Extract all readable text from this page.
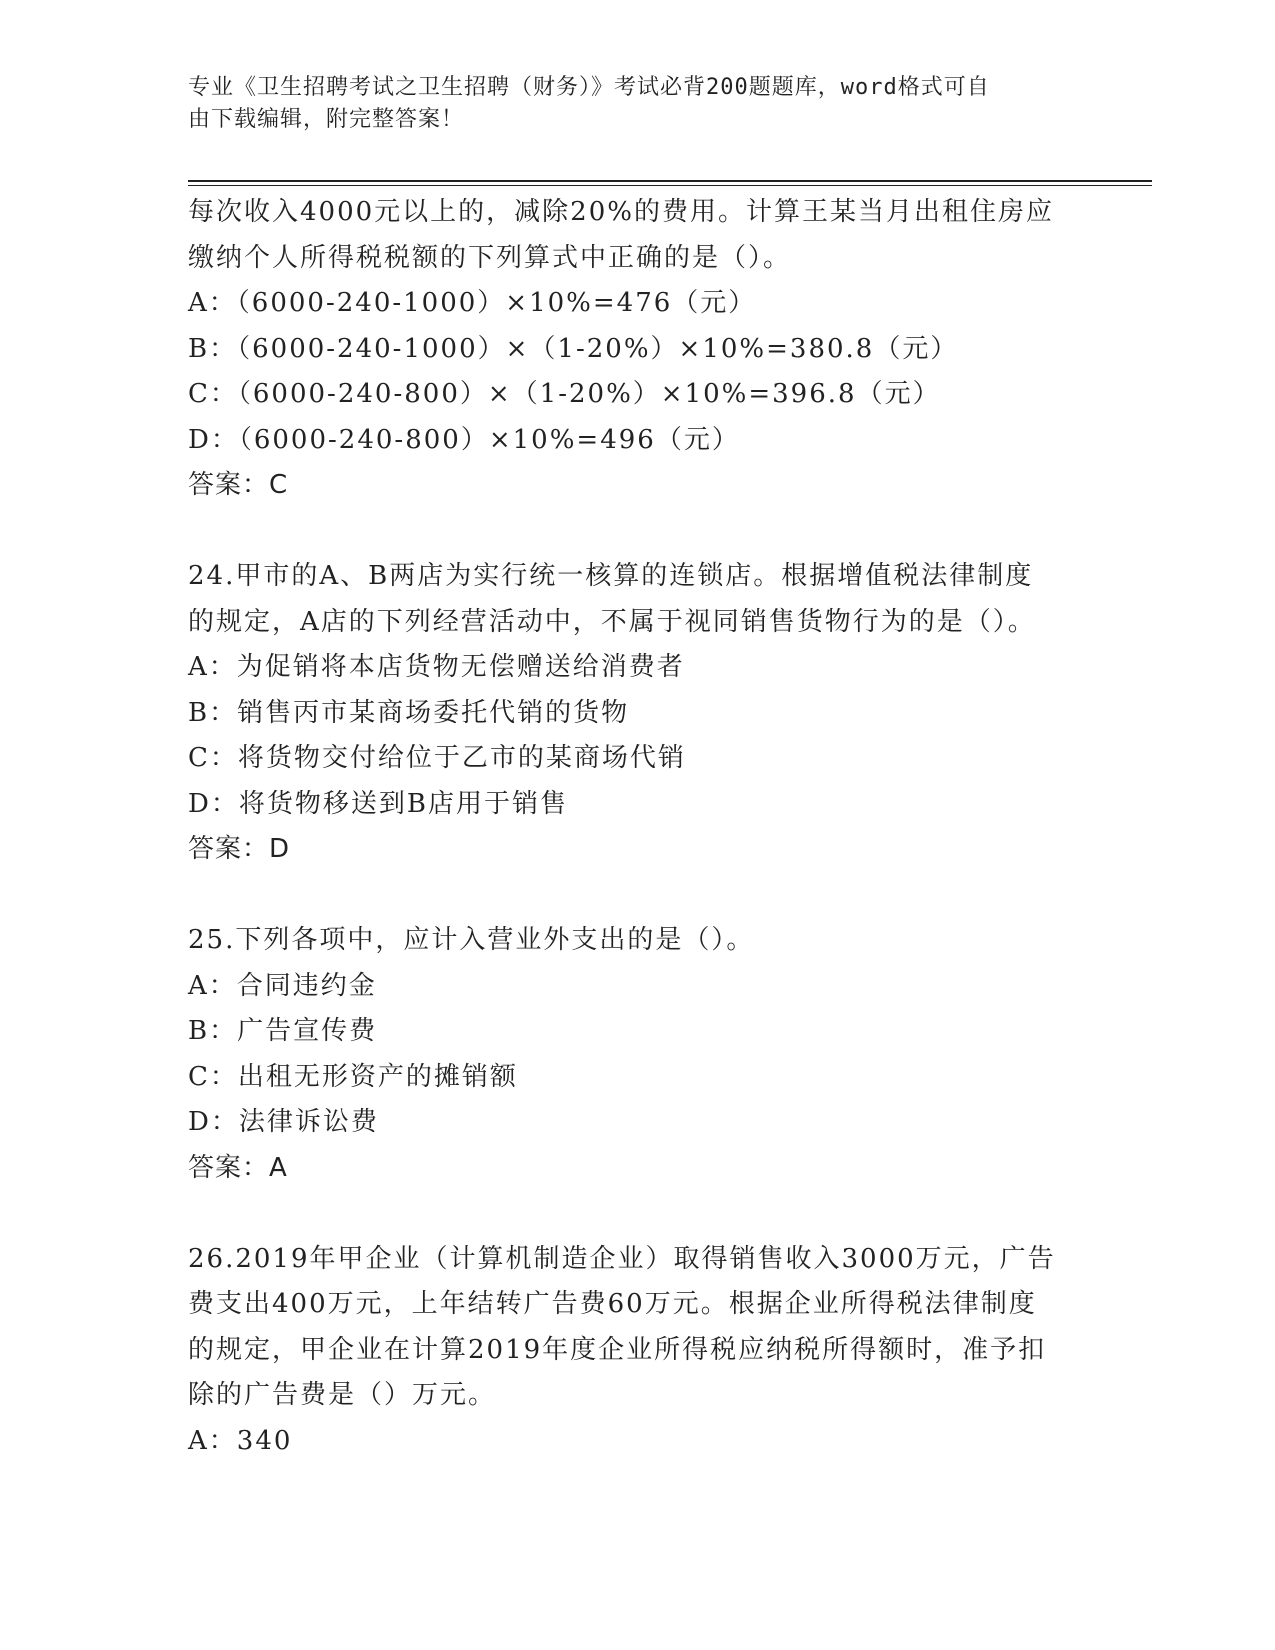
专业《卫生招聘考试之卫生招聘（财务）》考试必背200题题库，word格式可自
由下载编辑，附完整答案！
每次收入4000元以上的，减除20%的费用。计算王某当月出租住房应
缴纳个人所得税税额的下列算式中正确的是（）。
A：（6000-240-1000）×10%=476（元）
B：（6000-240-1000）×（1-20%）×10%=380.8（元）
C：（6000-240-800）×（1-20%）×10%=396.8（元）
D：（6000-240-800）×10%=496（元）
答案：C
24.甲市的A、B两店为实行统一核算的连锁店。根据增值税法律制度
的规定，A店的下列经营活动中，不属于视同销售货物行为的是（）。
A：为促销将本店货物无偿赠送给消费者
B：销售丙市某商场委托代销的货物
C：将货物交付给位于乙市的某商场代销
D：将货物移送到B店用于销售
答案：D
25.下列各项中，应计入营业外支出的是（）。
A：合同违约金
B：广告宣传费
C：出租无形资产的摊销额
D：法律诉讼费
答案：A
26.2019年甲企业（计算机制造企业）取得销售收入3000万元，广告
费支出400万元，上年结转广告费60万元。根据企业所得税法律制度
的规定，甲企业在计算2019年度企业所得税应纳税所得额时，准予扣
除的广告费是（）万元。
A：340
